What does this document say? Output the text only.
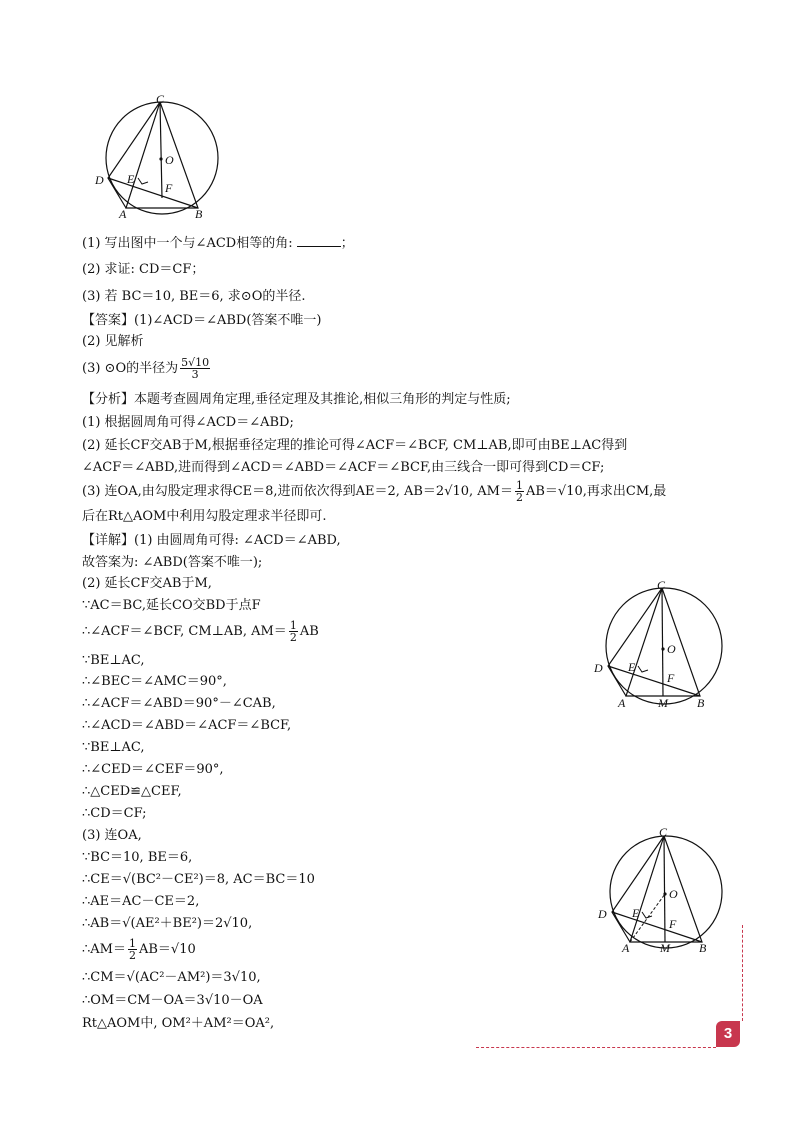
C
O
D E
F
A	B
(1) 写出图中一个与∠ACD相等的角:	；
(2) 求证: CD＝CF；
(3) 若 BC＝10, BE＝6, 求⊙O的半径.
【答案】(1)∠ACD＝∠ABD(答案不唯一)
(2) 见解析
(3) ⊙O的半径为 $\frac{5√10}{3}$
【分析】本题考查圆周角定理,垂径定理及其推论,相似三角形的判定与性质;
(1) 根据圆周角可得∠ACD＝∠ABD;
(2) 延长CF交AB于M,根据垂径定理的推论可得∠ACF＝∠BCF, CM⊥AB,即可由BE⊥AC得到
∠ACF＝∠ABD,进而得到∠ACD＝∠ABD＝∠ACF＝∠BCF,由三线合一即可得到CD＝CF;
(3) 连OA,由勾股定理求得CE＝8,进而依次得到AE＝2, AB＝2√10, $AM= \frac{1}{2} AB=√10$,再求出CM,最
后在Rt△AOM中利用勾股定理求半径即可.
【详解】(1) 由圆周角可得: ∠ACD＝∠ABD,
故答案为: ∠ABD(答案不唯一);
(2) 延长CF交AB于M,
∵AC＝BC,延长CO交BD于点F
∴∠ACF＝∠BCF, CM⊥AB, $AM= \frac{1}{2}$ AB
∵BE⊥AC,
∴∠BEC＝∠AMC＝90°,
∴∠ACF＝∠ABD＝90°－∠CAB,
∴∠ACD＝∠ABD＝∠ACF＝∠BCF,
∵BE⊥AC,
∴∠CED＝∠CEF＝90°,
∴△CED≌△CEF,
∴CD＝CF;
(3) 连OA,
∵BC＝10, BE＝6,
∴CE＝√(BC²－CE²)＝8, AC＝BC＝10
∴AE＝AC－CE＝2,
∴AB＝√(AE²＋BE²)＝2√10,
∴AM＝ $\frac{1}{2} AB=√10$
∴CM＝√(AC²－AM²)＝3√10,
∴OM＝CM－OA＝3√10－OA
Rt△AOM中, OM²＋AM²＝OA²,
C
O
D E
F
A	M B
C
O
D E
F
A	M B
3
